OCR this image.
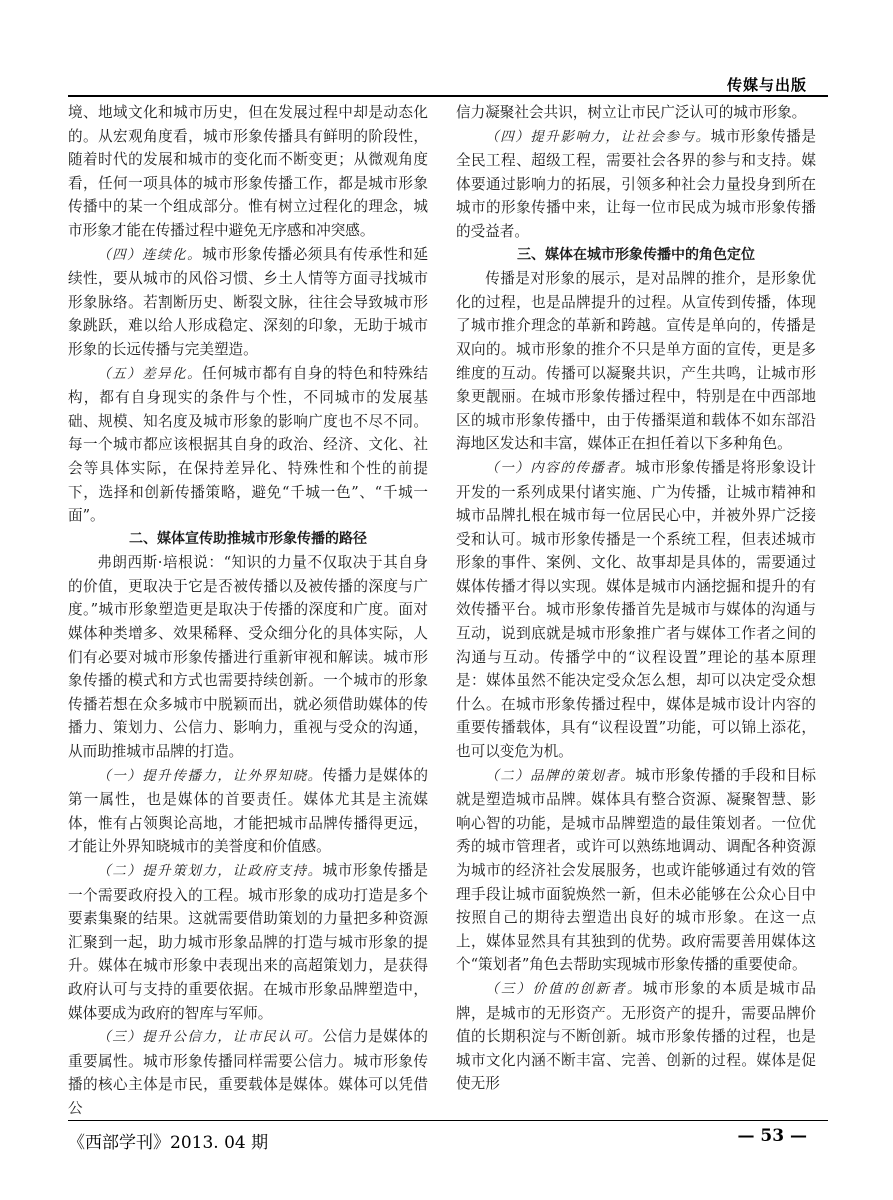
传媒与出版

境、地域文化和城市历史，但在发展过程中却是动态化的。从宏观角度看，城市形象传播具有鲜明的阶段性，随着时代的发展和城市的变化而不断变更；从微观角度看，任何一项具体的城市形象传播工作，都是城市形象传播中的某一个组成部分。惟有树立过程化的理念，城市形象才能在传播过程中避免无序感和冲突感。

（四）连续化。城市形象传播必须具有传承性和延续性，要从城市的风俗习惯、乡土人情等方面寻找城市形象脉络。若割断历史、断裂文脉，往往会导致城市形象跳跃，难以给人形成稳定、深刻的印象，无助于城市形象的长远传播与完美塑造。

（五）差异化。任何城市都有自身的特色和特殊结构，都有自身现实的条件与个性，不同城市的发展基础、规模、知名度及城市形象的影响广度也不尽不同。每一个城市都应该根据其自身的政治、经济、文化、社会等具体实际，在保持差异化、特殊性和个性的前提下，选择和创新传播策略，避免“千城一色”、“千城一面”。

二、媒体宣传助推城市形象传播的路径

弗朗西斯·培根说：“知识的力量不仅取决于其自身的价值，更取决于它是否被传播以及被传播的深度与广度。”城市形象塑造更是取决于传播的深度和广度。面对媒体种类增多、效果稀释、受众细分化的具体实际，人们有必要对城市形象传播进行重新审视和解读。城市形象传播的模式和方式也需要持续创新。一个城市的形象传播若想在众多城市中脱颖而出，就必须借助媒体的传播力、策划力、公信力、影响力，重视与受众的沟通，从而助推城市品牌的打造。

（一）提升传播力，让外界知晓。传播力是媒体的第一属性，也是媒体的首要责任。媒体尤其是主流媒体，惟有占领舆论高地，才能把城市品牌传播得更远，才能让外界知晓城市的美誉度和价值感。

（二）提升策划力，让政府支持。城市形象传播是一个需要政府投入的工程。城市形象的成功打造是多个要素集聚的结果。这就需要借助策划的力量把多种资源汇聚到一起，助力城市形象品牌的打造与城市形象的提升。媒体在城市形象中表现出来的高超策划力，是获得政府认可与支持的重要依据。在城市形象品牌塑造中，媒体要成为政府的智库与军师。

（三）提升公信力，让市民认可。公信力是媒体的重要属性。城市形象传播同样需要公信力。城市形象传播的核心主体是市民，重要载体是媒体。媒体可以凭借公

信力凝聚社会共识，树立让市民广泛认可的城市形象。

（四）提升影响力，让社会参与。城市形象传播是全民工程、超级工程，需要社会各界的参与和支持。媒体要通过影响力的拓展，引领多种社会力量投身到所在城市的形象传播中来，让每一位市民成为城市形象传播的受益者。

三、媒体在城市形象传播中的角色定位

传播是对形象的展示，是对品牌的推介，是形象优化的过程，也是品牌提升的过程。从宣传到传播，体现了城市推介理念的革新和跨越。宣传是单向的，传播是双向的。城市形象的推介不只是单方面的宣传，更是多维度的互动。传播可以凝聚共识，产生共鸣，让城市形象更靓丽。在城市形象传播过程中，特别是在中西部地区的城市形象传播中，由于传播渠道和载体不如东部沿海地区发达和丰富，媒体正在担任着以下多种角色。

（一）内容的传播者。城市形象传播是将形象设计开发的一系列成果付诸实施、广为传播，让城市精神和城市品牌扎根在城市每一位居民心中，并被外界广泛接受和认可。城市形象传播是一个系统工程，但表述城市形象的事件、案例、文化、故事却是具体的，需要通过媒体传播才得以实现。媒体是城市内涵挖掘和提升的有效传播平台。城市形象传播首先是城市与媒体的沟通与互动，说到底就是城市形象推广者与媒体工作者之间的沟通与互动。传播学中的“议程设置”理论的基本原理是：媒体虽然不能决定受众怎么想，却可以决定受众想什么。在城市形象传播过程中，媒体是城市设计内容的重要传播载体，具有“议程设置”功能，可以锦上添花，也可以变危为机。

（二）品牌的策划者。城市形象传播的手段和目标就是塑造城市品牌。媒体具有整合资源、凝聚智慧、影响心智的功能，是城市品牌塑造的最佳策划者。一位优秀的城市管理者，或许可以熟练地调动、调配各种资源为城市的经济社会发展服务，也或许能够通过有效的管理手段让城市面貌焕然一新，但未必能够在公众心目中按照自己的期待去塑造出良好的城市形象。在这一点上，媒体显然具有其独到的优势。政府需要善用媒体这个“策划者”角色去帮助实现城市形象传播的重要使命。

（三）价值的创新者。城市形象的本质是城市品牌，是城市的无形资产。无形资产的提升，需要品牌价值的长期积淀与不断创新。城市形象传播的过程，也是城市文化内涵不断丰富、完善、创新的过程。媒体是促使无形

《西部学刊》2013. 04 期	— 53 —
